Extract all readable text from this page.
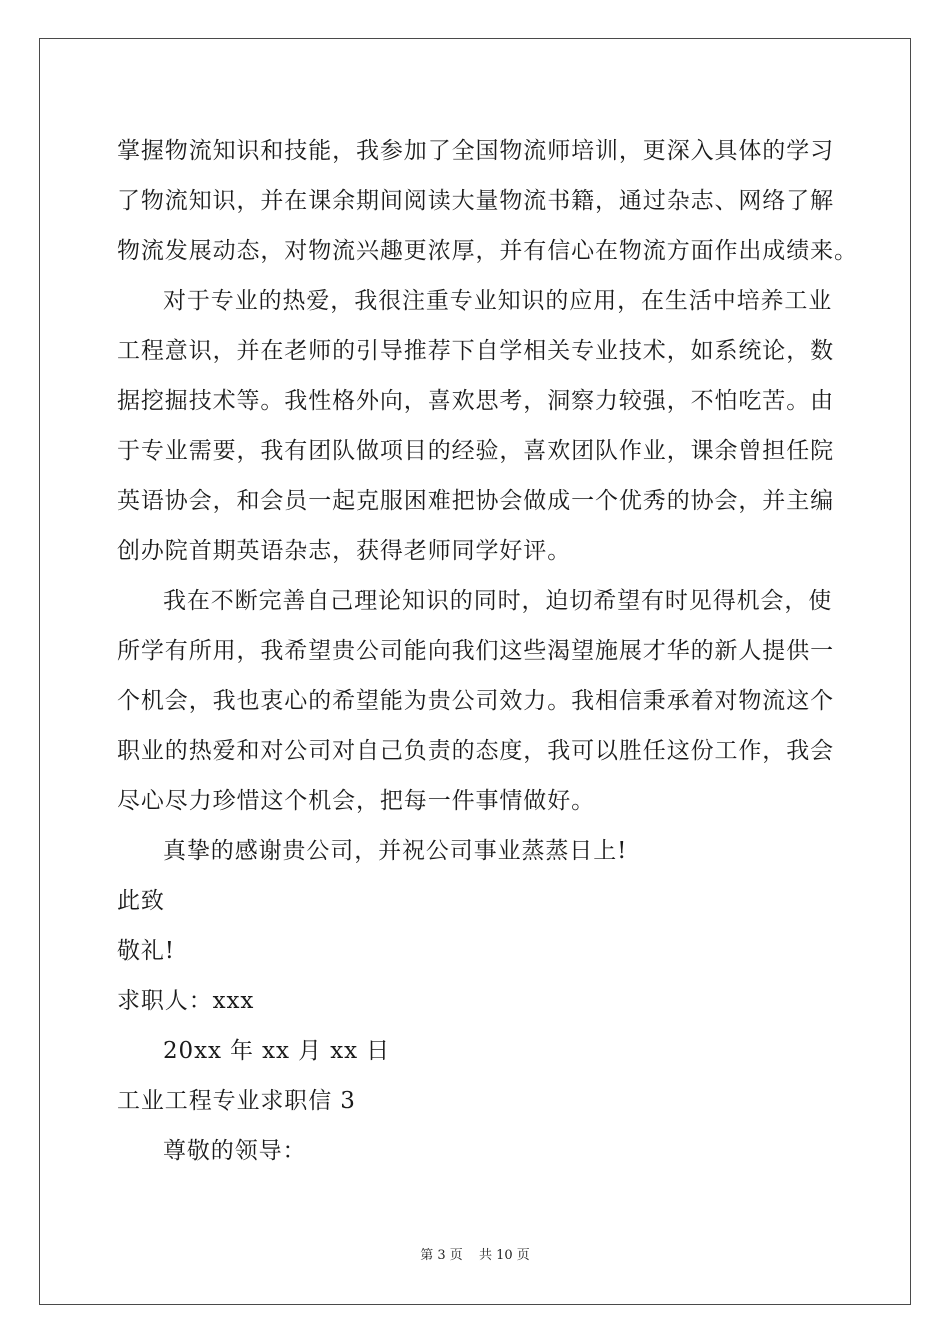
掌握物流知识和技能，我参加了全国物流师培训，更深入具体的学习
了物流知识，并在课余期间阅读大量物流书籍，通过杂志、网络了解
物流发展动态，对物流兴趣更浓厚，并有信心在物流方面作出成绩来。
对于专业的热爱，我很注重专业知识的应用，在生活中培养工业
工程意识，并在老师的引导推荐下自学相关专业技术，如系统论，数
据挖掘技术等。我性格外向，喜欢思考，洞察力较强，不怕吃苦。由
于专业需要，我有团队做项目的经验，喜欢团队作业，课余曾担任院
英语协会，和会员一起克服困难把协会做成一个优秀的协会，并主编
创办院首期英语杂志，获得老师同学好评。
我在不断完善自己理论知识的同时，迫切希望有时见得机会，使
所学有所用，我希望贵公司能向我们这些渴望施展才华的新人提供一
个机会，我也衷心的希望能为贵公司效力。我相信秉承着对物流这个
职业的热爱和对公司对自己负责的态度，我可以胜任这份工作，我会
尽心尽力珍惜这个机会，把每一件事情做好。
真挚的感谢贵公司，并祝公司事业蒸蒸日上!
此致
敬礼!
求职人：xxx
20xx 年 xx 月 xx 日
工业工程专业求职信 3
尊敬的领导：
第 3 页 共 10 页
